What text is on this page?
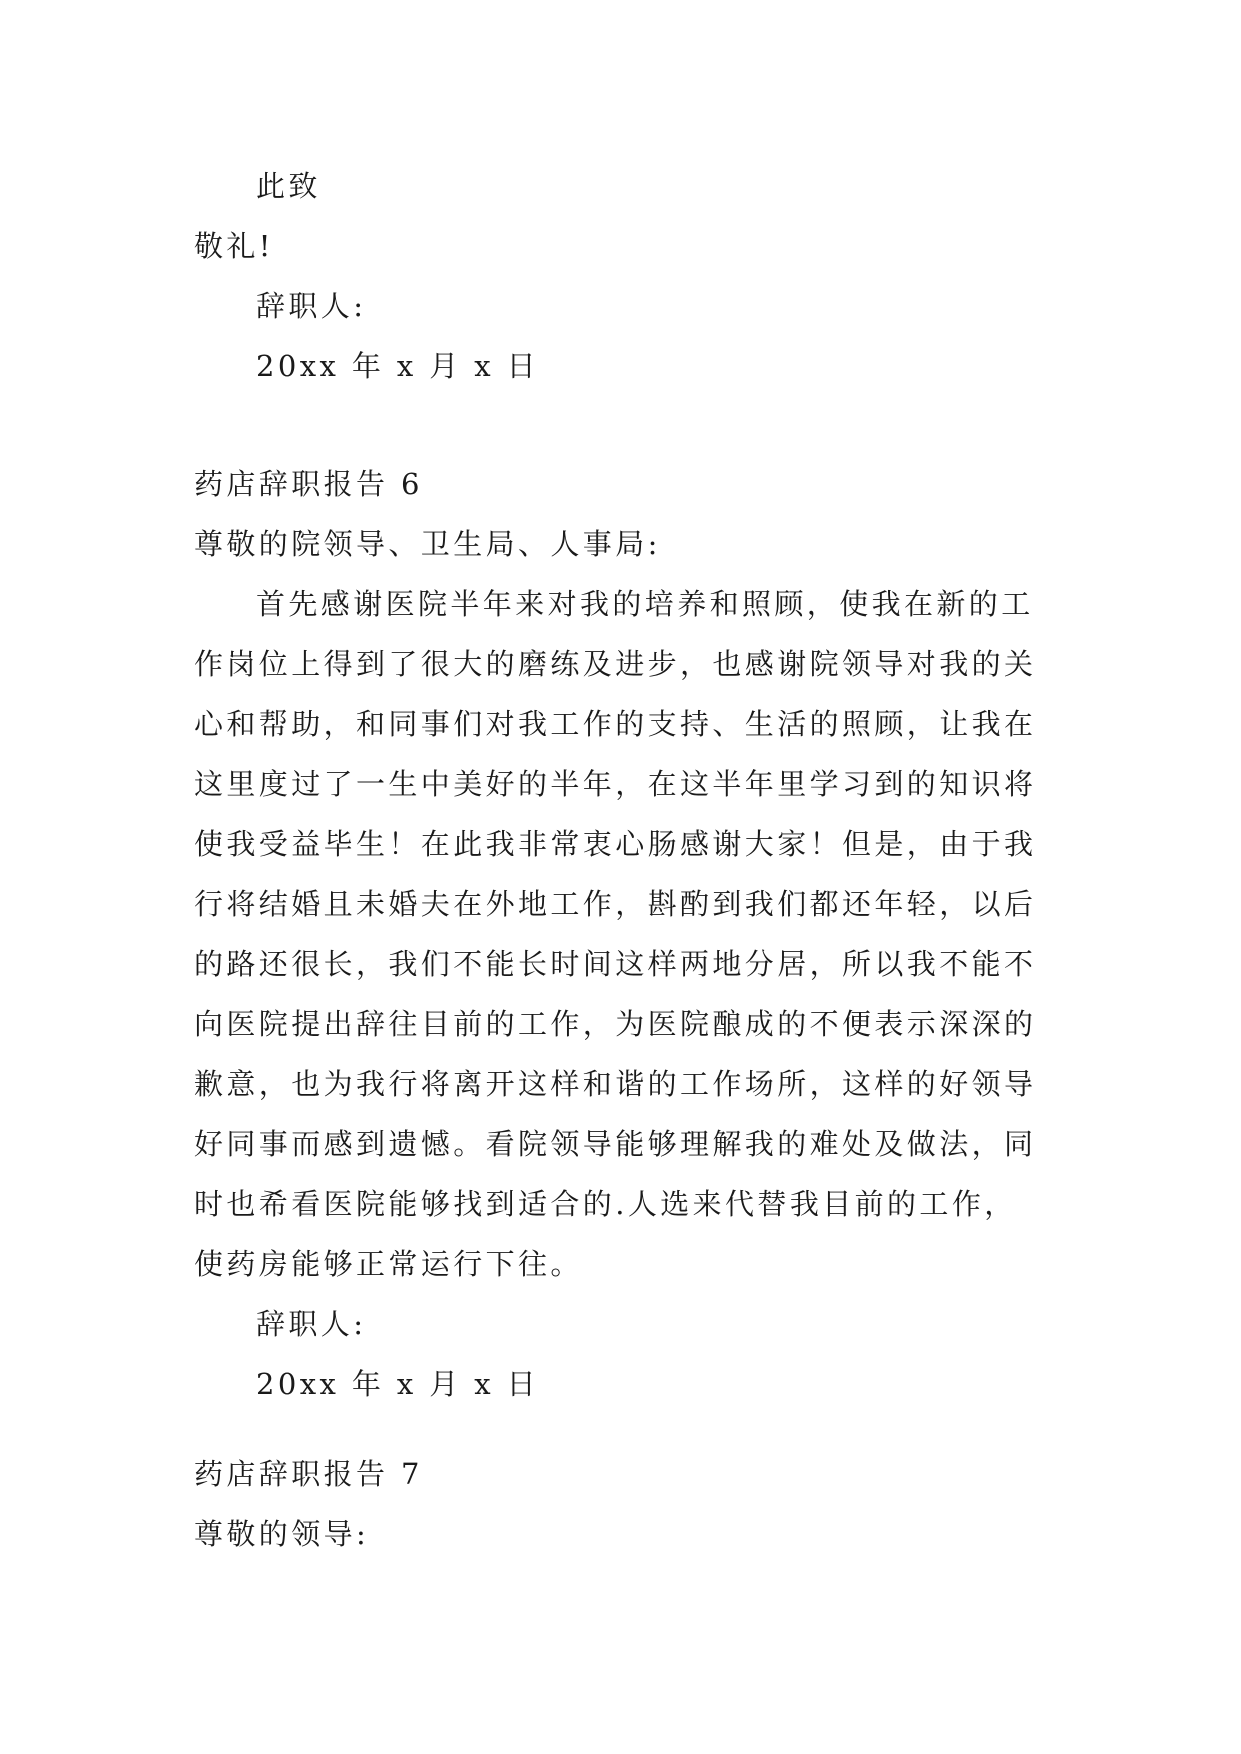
此致
敬礼!
辞职人:
20xx 年 x 月 x 日
药店辞职报告 6
尊敬的院领导、卫生局、人事局:
首先感谢医院半年来对我的培养和照顾，使我在新的工
作岗位上得到了很大的磨练及进步，也感谢院领导对我的关
心和帮助，和同事们对我工作的支持、生活的照顾，让我在
这里度过了一生中美好的半年，在这半年里学习到的知识将
使我受益毕生！在此我非常衷心肠感谢大家！但是，由于我
行将结婚且未婚夫在外地工作，斟酌到我们都还年轻，以后
的路还很长，我们不能长时间这样两地分居，所以我不能不
向医院提出辞往目前的工作，为医院酿成的不便表示深深的
歉意，也为我行将离开这样和谐的工作场所，这样的好领导
好同事而感到遗憾。看院领导能够理解我的难处及做法，同
时也希看医院能够找到适合的.人选来代替我目前的工作，
使药房能够正常运行下往。
辞职人:
20xx 年 x 月 x 日
药店辞职报告 7
尊敬的领导:
